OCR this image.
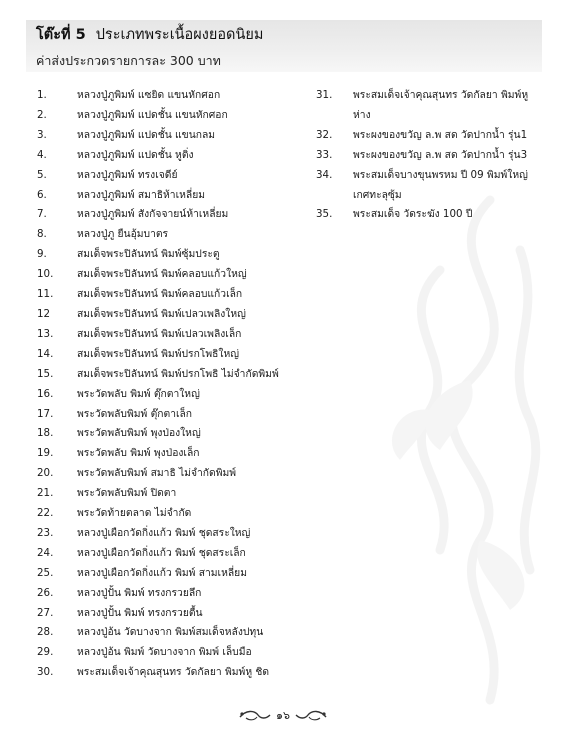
โต๊ะที่ 5 ประเภทพระเนื้อผงยอดนิยม
ค่าส่งประกวดรายการละ 300 บาท
1.	หลวงปู่ภูพิมพ์ แซยิด แขนหักศอก
2.	หลวงปู่ภูพิมพ์ แปดชั้น แขนหักศอก
3.	หลวงปู่ภูพิมพ์ แปดชั้น แขนกลม
4.	หลวงปู่ภูพิมพ์ แปดชั้น หูติ่ง
5.	หลวงปู่ภูพิมพ์ ทรงเจดีย์
6.	หลวงปู่ภูพิมพ์ สมาธิห้าเหลี่ยม
7.	หลวงปู่ภูพิมพ์ สังกัจจายน์ห้าเหลี่ยม
8.	หลวงปู่ภู ยืนอุ้มบาตร
9.	สมเด็จพระปิลันทน์ พิมพ์ซุ้มประตู
10.	สมเด็จพระปิลันทน์ พิมพ์คลอบแก้วใหญ่
11.	สมเด็จพระปิลันทน์ พิมพ์คลอบแก้วเล็ก
12	สมเด็จพระปิลันทน์ พิมพ์เปลวเพลิงใหญ่
13.	สมเด็จพระปิลันทน์ พิมพ์เปลวเพลิงเล็ก
14.	สมเด็จพระปิลันทน์ พิมพ์ปรกโพธิใหญ่
15.	สมเด็จพระปิลันทน์ พิมพ์ปรกโพธิ ไม่จำกัดพิมพ์
16.	พระวัดพลับ พิมพ์ ตุ๊กตาใหญ่
17.	พระวัดพลับพิมพ์ ตุ๊กตาเล็ก
18.	พระวัดพลับพิมพ์ พุงป่องใหญ่
19.	พระวัดพลับ พิมพ์ พุงป่องเล็ก
20.	พระวัดพลับพิมพ์ สมาธิ ไม่จำกัดพิมพ์
21.	พระวัดพลับพิมพ์ ปิดตา
22.	พระวัดท้ายตลาด ไม่จำกัด
23.	หลวงปู่เผือกวัดกิ่งแก้ว พิมพ์ ชุดสระใหญ่
24.	หลวงปู่เผือกวัดกิ่งแก้ว พิมพ์ ชุดสระเล็ก
25.	หลวงปู่เผือกวัดกิ่งแก้ว พิมพ์ สามเหลี่ยม
26.	หลวงปู่ปั้น พิมพ์ ทรงกรวยลึก
27.	หลวงปู่ปั้น พิมพ์ ทรงกรวยตื้น
28.	หลวงปู่อ้น วัดบางจาก พิมพ์สมเด็จหลังปทุน
29.	หลวงปู่อ้น พิมพ์ วัดบางจาก พิมพ์ เล็บมือ
30.	พระสมเด็จเจ้าคุณสุนทร วัดกัลยา พิมพ์หู ชิด
31.	พระสมเด็จเจ้าคุณสุนทร วัดกัลยา พิมพ์หูห่าง
32.	พระผงของขวัญ ล.พ สด วัดปากน้ำ รุ่น1
33.	พระผงของขวัญ ล.พ สด วัดปากน้ำ รุ่น3
34.	พระสมเด็จบางขุนพรหม ปี 09 พิมพ์ใหญ่ เกศทะลุซุ้ม
35.	พระสมเด็จ วัดระฆัง 100 ปี
๑๖
